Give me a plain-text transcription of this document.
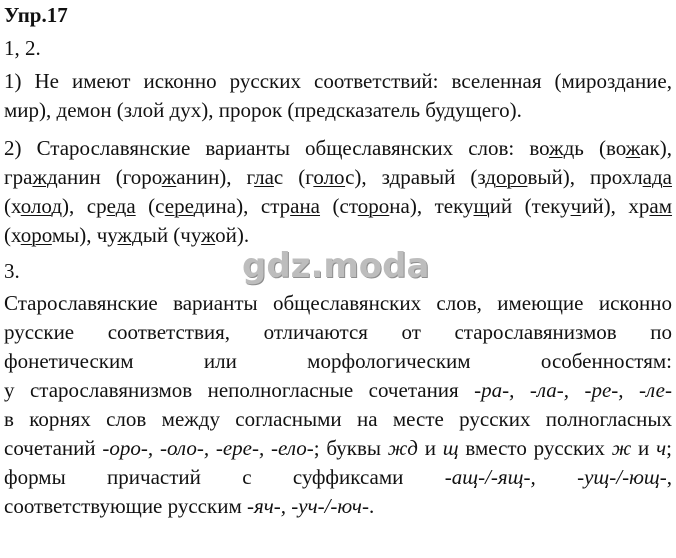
Упр.17
1, 2.
1) Не имеют исконно русских соответствий: вселенная (мироздание,
мир), демон (злой дух), пророк (предсказатель будущего).
2) Старославянские варианты общеславянских слов: вождь (вожак),
гражданин (горожанин), глас (голос), здравый (здоровый), прохлада
(холод), среда (середина), страна (сторона), текущий (текучий), храм
(хоромы), чуждый (чужой).
3.
Старославянские варианты общеславянских слов, имеющие исконно
русские соответствия, отличаются от старославянизмов по
фонетическим или морфологическим особенностям:
у старославянизмов неполногласные сочетания -ра-, -ла-, -ре-, -ле-
в корнях слов между согласными на месте русских полногласных
сочетаний -оро-, -оло-, -ере-, -ело-; буквы жд и щ вместо русских ж и ч;
формы причастий с суффиксами -ащ-/-ящ-, -ущ-/-ющ-,
соответствующие русским -яч-, -уч-/-юч-.
gdz.moda
